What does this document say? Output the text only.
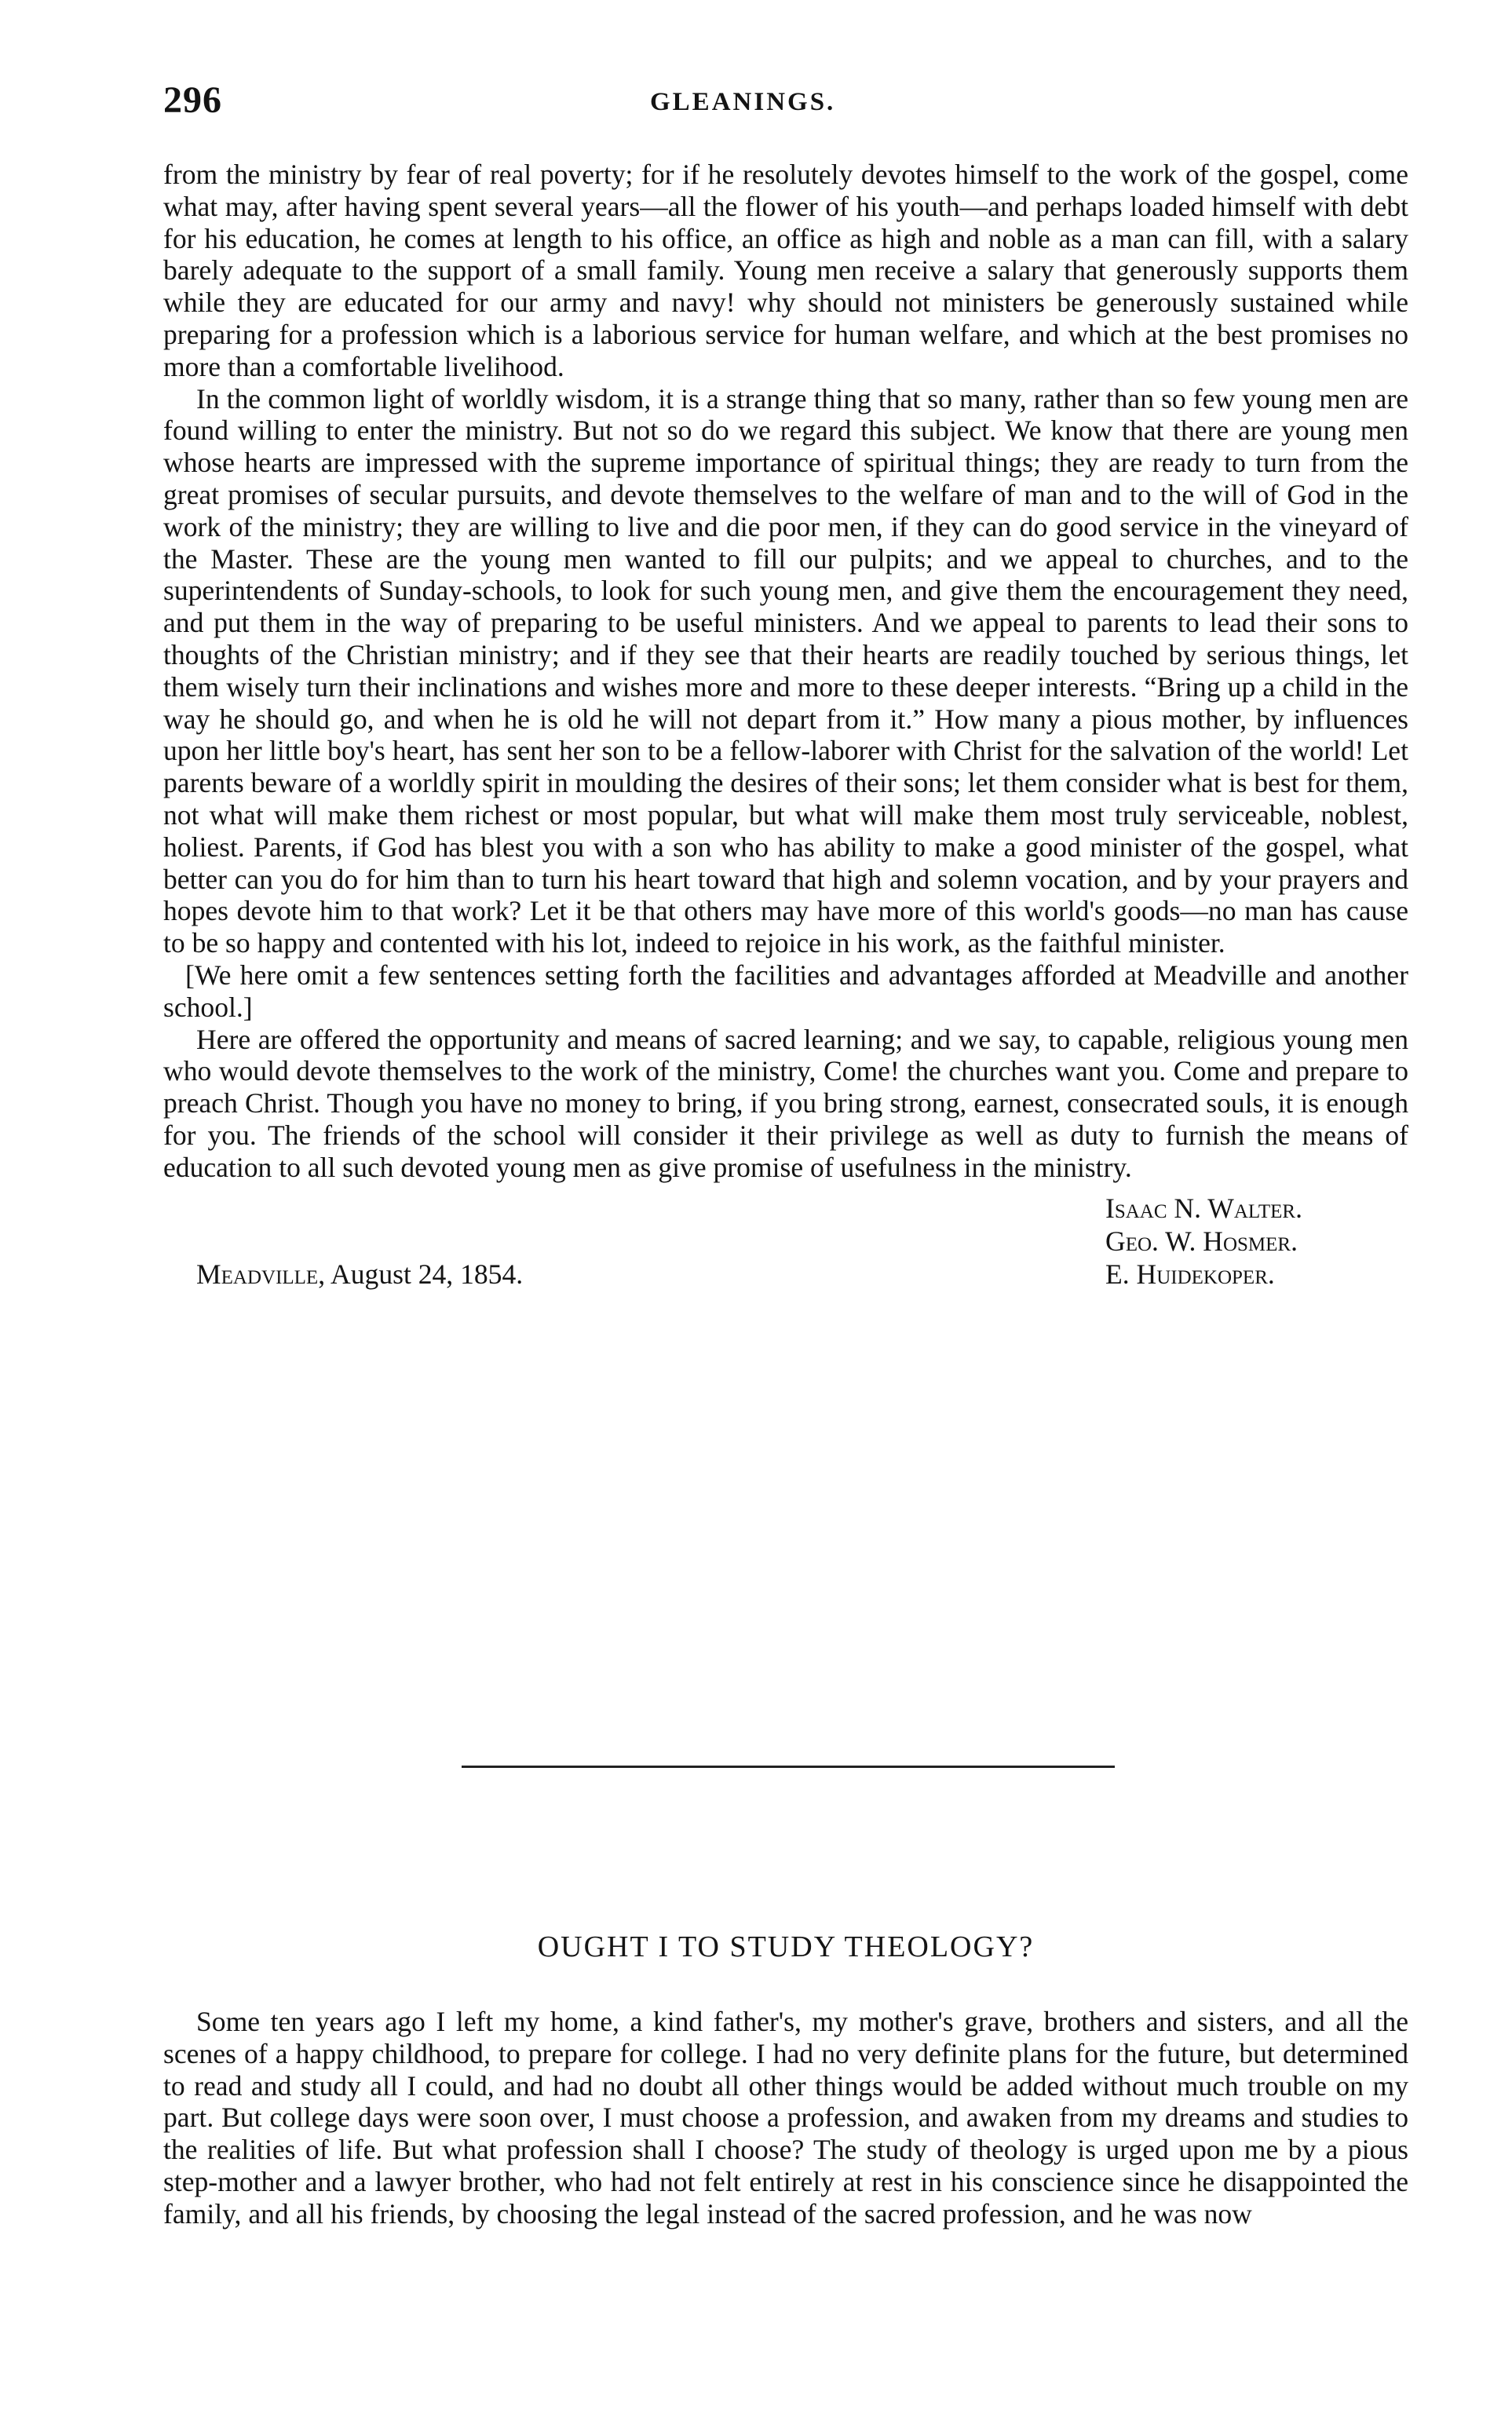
296	GLEANINGS.

from the ministry by fear of real poverty; for if he resolutely devotes himself to the work of the gospel, come what may, after having spent several years—all the flower of his youth—and perhaps loaded himself with debt for his education, he comes at length to his office, an office as high and noble as a man can fill, with a salary barely adequate to the support of a small family. Young men receive a salary that generously supports them while they are educated for our army and navy! why should not ministers be generously sustained while preparing for a profession which is a laborious service for human welfare, and which at the best promises no more than a comfortable livelihood.

In the common light of worldly wisdom, it is a strange thing that so many, rather than so few young men are found willing to enter the ministry. But not so do we regard this subject. We know that there are young men whose hearts are impressed with the supreme importance of spiritual things; they are ready to turn from the great promises of secular pursuits, and devote themselves to the welfare of man and to the will of God in the work of the ministry; they are willing to live and die poor men, if they can do good service in the vineyard of the Master. These are the young men wanted to fill our pulpits; and we appeal to churches, and to the superintendents of Sunday-schools, to look for such young men, and give them the encouragement they need, and put them in the way of preparing to be useful ministers. And we appeal to parents to lead their sons to thoughts of the Christian ministry; and if they see that their hearts are readily touched by serious things, let them wisely turn their inclinations and wishes more and more to these deeper interests. “Bring up a child in the way he should go, and when he is old he will not depart from it.” How many a pious mother, by influences upon her little boy's heart, has sent her son to be a fellow-laborer with Christ for the salvation of the world! Let parents beware of a worldly spirit in moulding the desires of their sons; let them consider what is best for them, not what will make them richest or most popular, but what will make them most truly serviceable, noblest, holiest. Parents, if God has blest you with a son who has ability to make a good minister of the gospel, what better can you do for him than to turn his heart toward that high and solemn vocation, and by your prayers and hopes devote him to that work? Let it be that others may have more of this world's goods—no man has cause to be so happy and contented with his lot, indeed to rejoice in his work, as the faithful minister.

[We here omit a few sentences setting forth the facilities and advantages afforded at Meadville and another school.]

Here are offered the opportunity and means of sacred learning; and we say, to capable, religious young men who would devote themselves to the work of the ministry, Come! the churches want you. Come and prepare to preach Christ. Though you have no money to bring, if you bring strong, earnest, consecrated souls, it is enough for you. The friends of the school will consider it their privilege as well as duty to furnish the means of education to all such devoted young men as give promise of usefulness in the ministry.

Isaac N. Walter.
Geo. W. Hosmer.
E. Huidekoper.
Meadville, August 24, 1854.
OUGHT I TO STUDY THEOLOGY?

Some ten years ago I left my home, a kind father's, my mother's grave, brothers and sisters, and all the scenes of a happy childhood, to prepare for college. I had no very definite plans for the future, but determined to read and study all I could, and had no doubt all other things would be added without much trouble on my part. But college days were soon over, I must choose a profession, and awaken from my dreams and studies to the realities of life. But what profession shall I choose? The study of theology is urged upon me by a pious step-mother and a lawyer brother, who had not felt entirely at rest in his conscience since he disappointed the family, and all his friends, by choosing the legal instead of the sacred profession, and he was now
